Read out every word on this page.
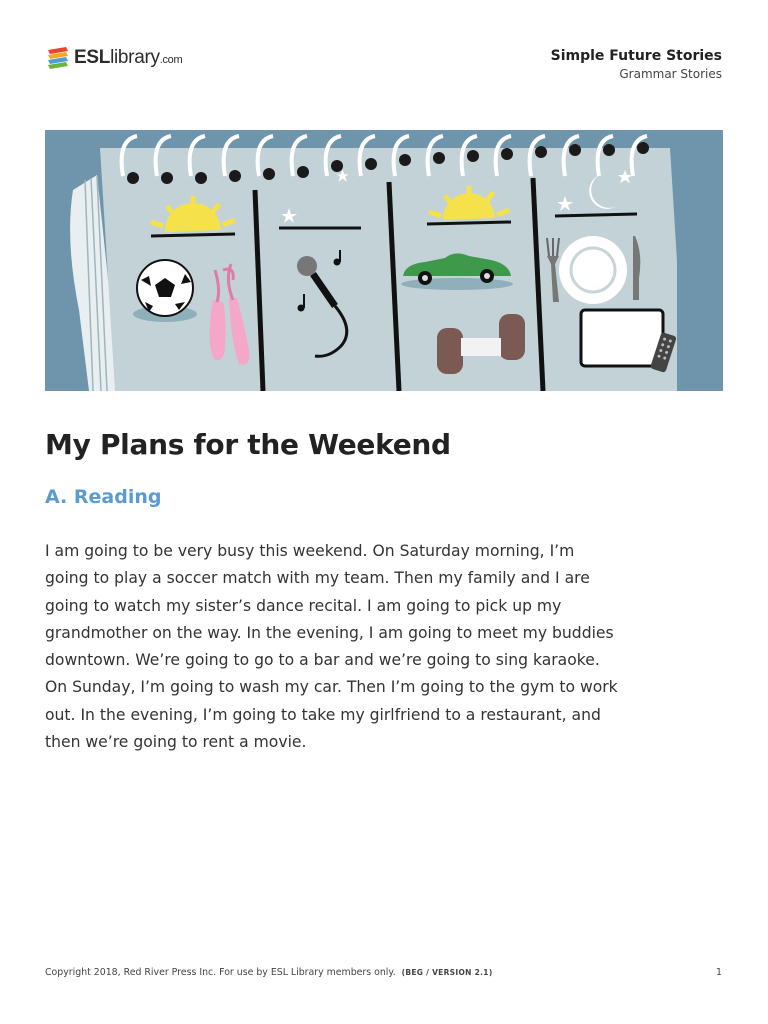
ESLlibrary.com	Simple Future Stories
Grammar Stories
My Plans for the Weekend
A. Reading

I am going to be very busy this weekend. On Saturday morning, I’m going to play a soccer match with my team. Then my family and I are going to watch my sister’s dance recital. I am going to pick up my grandmother on the way. In the evening, I am going to meet my buddies downtown. We’re going to go to a bar and we’re going to sing karaoke. On Sunday, I’m going to wash my car. Then I’m going to the gym to work out. In the evening, I’m going to take my girlfriend to a restaurant, and then we’re going to rent a movie.

Copyright 2018, Red River Press Inc. For use by ESL Library members only. (BEG / VERSION 2.1)	1
